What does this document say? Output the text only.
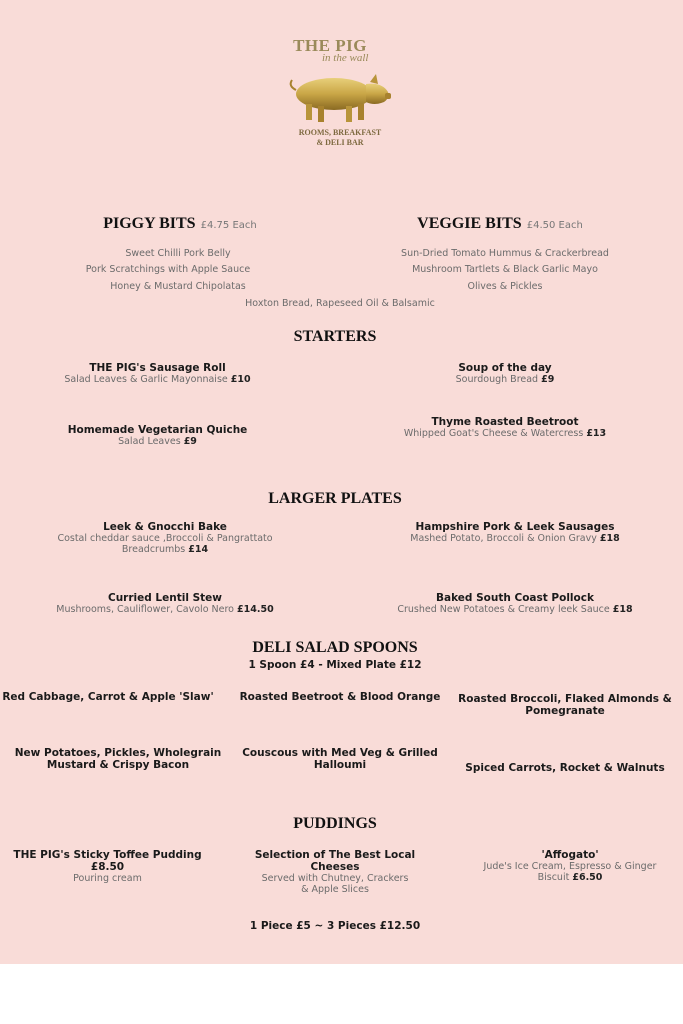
THE PIG
in the wall
ROOMS, BREAKFAST
& DELI BAR
PIGGY BITS £4.75 Each
Sweet Chilli Pork Belly
Pork Scratchings with Apple Sauce
Honey & Mustard Chipolatas
VEGGIE BITS £4.50 Each
Sun-Dried Tomato Hummus & Crackerbread
Mushroom Tartlets & Black Garlic Mayo
Olives & Pickles
Hoxton Bread, Rapeseed Oil & Balsamic
STARTERS
THE PIG's Sausage Roll
Salad Leaves & Garlic Mayonnaise £10
Soup of the day
Sourdough Bread £9
Homemade Vegetarian Quiche
Salad Leaves £9
Thyme Roasted Beetroot
Whipped Goat's Cheese & Watercress £13
LARGER PLATES
Leek & Gnocchi Bake
Costal cheddar sauce ,Broccoli & Pangrattato
Breadcrumbs £14
Hampshire Pork & Leek Sausages
Mashed Potato, Broccoli & Onion Gravy £18
Curried Lentil Stew
Mushrooms, Cauliflower, Cavolo Nero £14.50
Baked South Coast Pollock
Crushed New Potatoes & Creamy leek Sauce £18
DELI SALAD SPOONS
1 Spoon £4 - Mixed Plate £12
Red Cabbage, Carrot & Apple 'Slaw'	Roasted Beetroot & Blood Orange	Roasted Broccoli, Flaked Almonds &
Pomegranate
New Potatoes, Pickles, Wholegrain
Mustard & Crispy Bacon
Couscous with Med Veg & Grilled
Halloumi	Spiced Carrots, Rocket & Walnuts
PUDDINGS
THE PIG's Sticky Toffee Pudding
£8.50
Pouring cream
Selection of The Best Local
Cheeses
Served with Chutney, Crackers
& Apple Slices
1 Piece £5 ~ 3 Pieces £12.50
'Affogato'
Jude's Ice Cream, Espresso & Ginger
Biscuit £6.50
